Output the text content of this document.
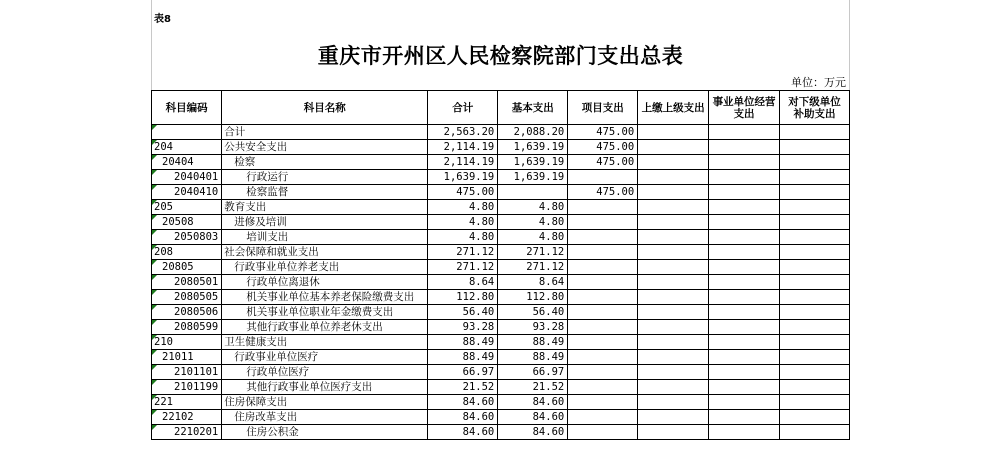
表8
重庆市开州区人民检察院部门支出总表
单位：万元
科目编码	科目名称	合计	基本支出	项目支出	上缴上级支出	事业单位经营支出	对下级单位补助支出
	合计	2,563.20	2,088.20	475.00			
204	公共安全支出	2,114.19	1,639.19	475.00			
20404	检察	2,114.19	1,639.19	475.00			
2040401	行政运行	1,639.19	1,639.19				
2040410	检察监督	475.00		475.00			
205	教育支出	4.80	4.80				
20508	进修及培训	4.80	4.80				
2050803	培训支出	4.80	4.80				
208	社会保障和就业支出	271.12	271.12				
20805	行政事业单位养老支出	271.12	271.12				
2080501	行政单位离退休	8.64	8.64				
2080505	机关事业单位基本养老保险缴费支出	112.80	112.80				
2080506	机关事业单位职业年金缴费支出	56.40	56.40				
2080599	其他行政事业单位养老休支出	93.28	93.28				
210	卫生健康支出	88.49	88.49				
21011	行政事业单位医疗	88.49	88.49				
2101101	行政单位医疗	66.97	66.97				
2101199	其他行政事业单位医疗支出	21.52	21.52				
221	住房保障支出	84.60	84.60				
22102	住房改革支出	84.60	84.60				
2210201	住房公积金	84.60	84.60				
